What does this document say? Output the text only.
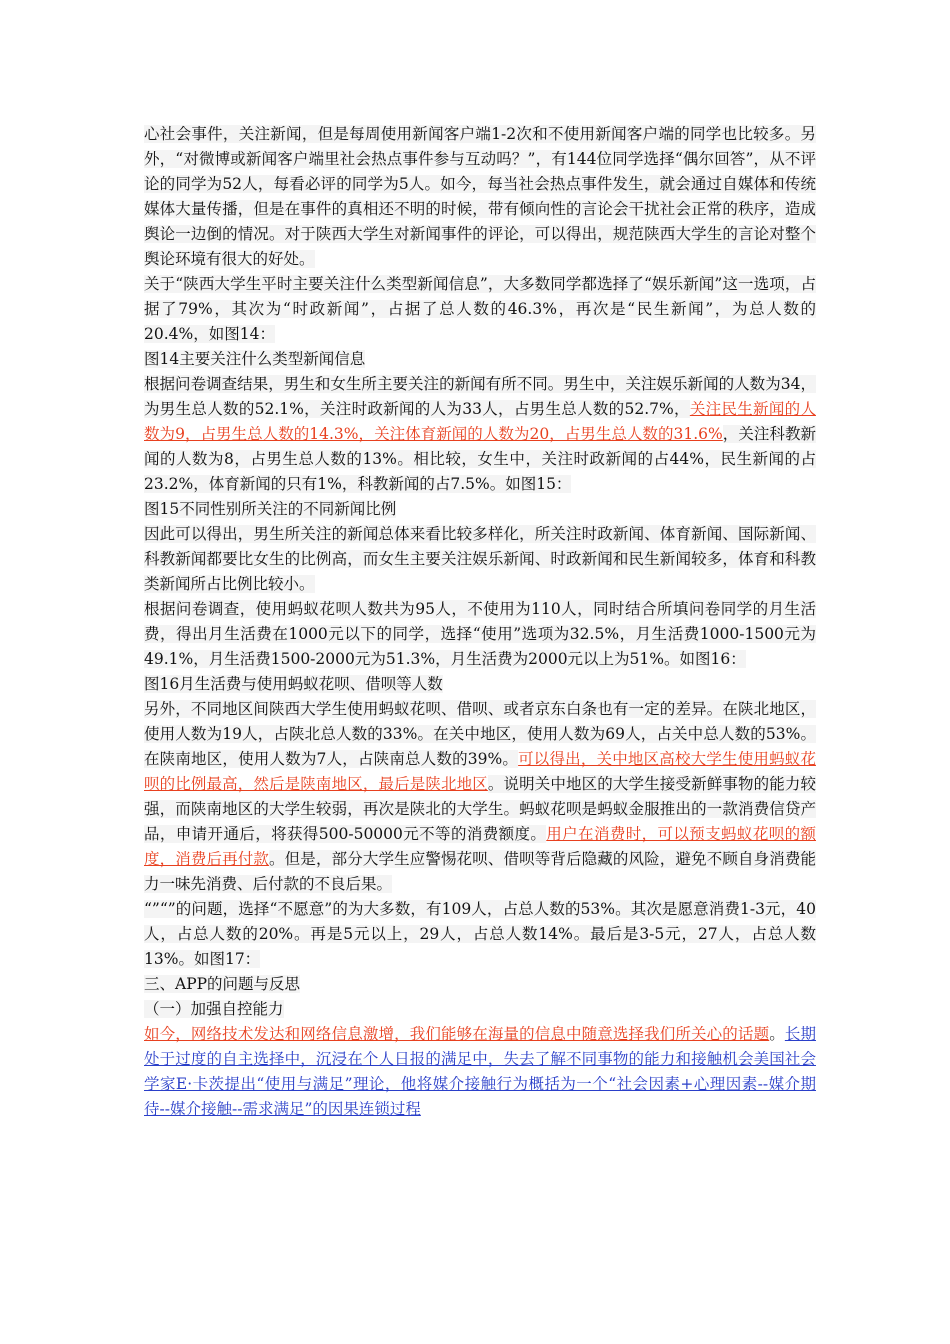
心社会事件，关注新闻，但是每周使用新闻客户端1-2次和不使用新闻客户端的同学也比较多。另外，“对微博或新闻客户端里社会热点事件参与互动吗？”，有144位同学选择“偶尔回答”，从不评论的同学为52人，每看必评的同学为5人。如今，每当社会热点事件发生，就会通过自媒体和传统媒体大量传播，但是在事件的真相还不明的时候，带有倾向性的言论会干扰社会正常的秩序，造成舆论一边倒的情况。对于陕西大学生对新闻事件的评论，可以得出，规范陕西大学生的言论对整个舆论环境有很大的好处。

关于“陕西大学生平时主要关注什么类型新闻信息”，大多数同学都选择了“娱乐新闻”这一选项，占据了79%，其次为“时政新闻”，占据了总人数的46.3%，再次是“民生新闻”，为总人数的20.4%，如图14：

图14主要关注什么类型新闻信息

根据问卷调查结果，男生和女生所主要关注的新闻有所不同。男生中，关注娱乐新闻的人数为34，为男生总人数的52.1%，关注时政新闻的人为33人，占男生总人数的52.7%，关注民生新闻的人数为9，占男生总人数的14.3%，关注体育新闻的人数为20，占男生总人数的31.6%，关注科教新闻的人数为8，占男生总人数的13%。相比较，女生中，关注时政新闻的占44%，民生新闻的占23.2%，体育新闻的只有1%，科教新闻的占7.5%。如图15：

图15不同性别所关注的不同新闻比例

因此可以得出，男生所关注的新闻总体来看比较多样化，所关注时政新闻、体育新闻、国际新闻、科教新闻都要比女生的比例高，而女生主要关注娱乐新闻、时政新闻和民生新闻较多，体育和科教类新闻所占比例比较小。

根据问卷调查，使用蚂蚁花呗人数共为95人，不使用为110人，同时结合所填问卷同学的月生活费，得出月生活费在1000元以下的同学，选择“使用”选项为32.5%，月生活费1000-1500元为49.1%，月生活费1500-2000元为51.3%，月生活费为2000元以上为51%。如图16：

图16月生活费与使用蚂蚁花呗、借呗等人数

另外，不同地区间陕西大学生使用蚂蚁花呗、借呗、或者京东白条也有一定的差异。在陕北地区，使用人数为19人，占陕北总人数的33%。在关中地区，使用人数为69人，占关中总人数的53%。在陕南地区，使用人数为7人，占陕南总人数的39%。可以得出，关中地区高校大学生使用蚂蚁花呗的比例最高，然后是陕南地区，最后是陕北地区。说明关中地区的大学生接受新鲜事物的能力较强，而陕南地区的大学生较弱，再次是陕北的大学生。蚂蚁花呗是蚂蚁金服推出的一款消费信贷产品，申请开通后，将获得500-50000元不等的消费额度。用户在消费时，可以预支蚂蚁花呗的额度，消费后再付款。但是，部分大学生应警惕花呗、借呗等背后隐藏的风险，避免不顾自身消费能力一味先消费、后付款的不良后果。

“”“”的问题，选择“不愿意”的为大多数，有109人，占总人数的53%。其次是愿意消费1-3元，40人，占总人数的20%。再是5元以上，29人，占总人数14%。最后是3-5元，27人，占总人数13%。如图17：

三、APP的问题与反思

（一）加强自控能力

如今，网络技术发达和网络信息激增，我们能够在海量的信息中随意选择我们所关心的话题。长期处于过度的自主选择中，沉浸在个人日报的满足中，失去了解不同事物的能力和接触机会美国社会学家E·卡茨提出“使用与满足”理论，他将媒介接触行为概括为一个“社会因素+心理因素--媒介期待--媒介接触--需求满足”的因果连锁过程
